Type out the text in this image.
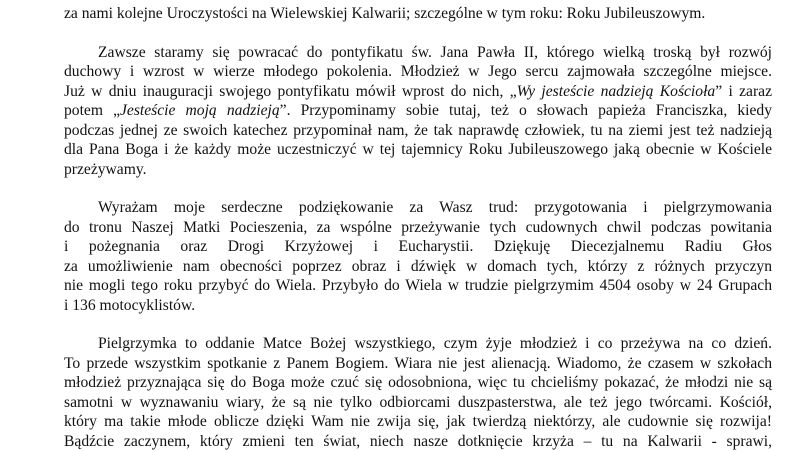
za nami kolejne Uroczystości na Wielewskiej Kalwarii; szczególne w tym roku: Roku Jubileuszowym.

Zawsze staramy się powracać do pontyfikatu św. Jana Pawła II, którego wielką troską był rozwój
duchowy i wzrost w wierze młodego pokolenia. Młodzież w Jego sercu zajmowała szczególne miejsce.
Już w dniu inauguracji swojego pontyfikatu mówił wprost do nich, „Wy jesteście nadzieją Kościoła” i zaraz
potem „Jesteście moją nadzieją”. Przypominamy sobie tutaj, też o słowach papieża Franciszka, kiedy
podczas jednej ze swoich katechez przypominał nam, że tak naprawdę człowiek, tu na ziemi jest też nadzieją
dla Pana Boga i że każdy może uczestniczyć w tej tajemnicy Roku Jubileuszowego jaką obecnie w Kościele
przeżywamy.

Wyrażam moje serdeczne podziękowanie za Wasz trud: przygotowania i pielgrzymowania
do tronu Naszej Matki Pocieszenia, za wspólne przeżywanie tych cudownych chwil podczas powitania
i pożegnania oraz Drogi Krzyżowej i Eucharystii. Dziękuję Diecezjalnemu Radiu Głos
za umożliwienie nam obecności poprzez obraz i dźwięk w domach tych, którzy z różnych przyczyn
nie mogli tego roku przybyć do Wiela. Przybyło do Wiela w trudzie pielgrzymim 4504 osoby w 24 Grupach
i 136 motocyklistów.

Pielgrzymka to oddanie Matce Bożej wszystkiego, czym żyje młodzież i co przeżywa na co dzień.
To przede wszystkim spotkanie z Panem Bogiem. Wiara nie jest alienacją. Wiadomo, że czasem w szkołach
młodzież przyznająca się do Boga może czuć się odosobniona, więc tu chcieliśmy pokazać, że młodzi nie są
samotni w wyznawaniu wiary, że są nie tylko odbiorcami duszpasterstwa, ale też jego twórcami. Kościół,
który ma takie młode oblicze dzięki Wam nie zwija się, jak twierdzą niektórzy, ale cudownie się rozwija!
Bądźcie zaczynem, który zmieni ten świat, niech nasze dotknięcie krzyża – tu na Kalwarii - sprawi,
